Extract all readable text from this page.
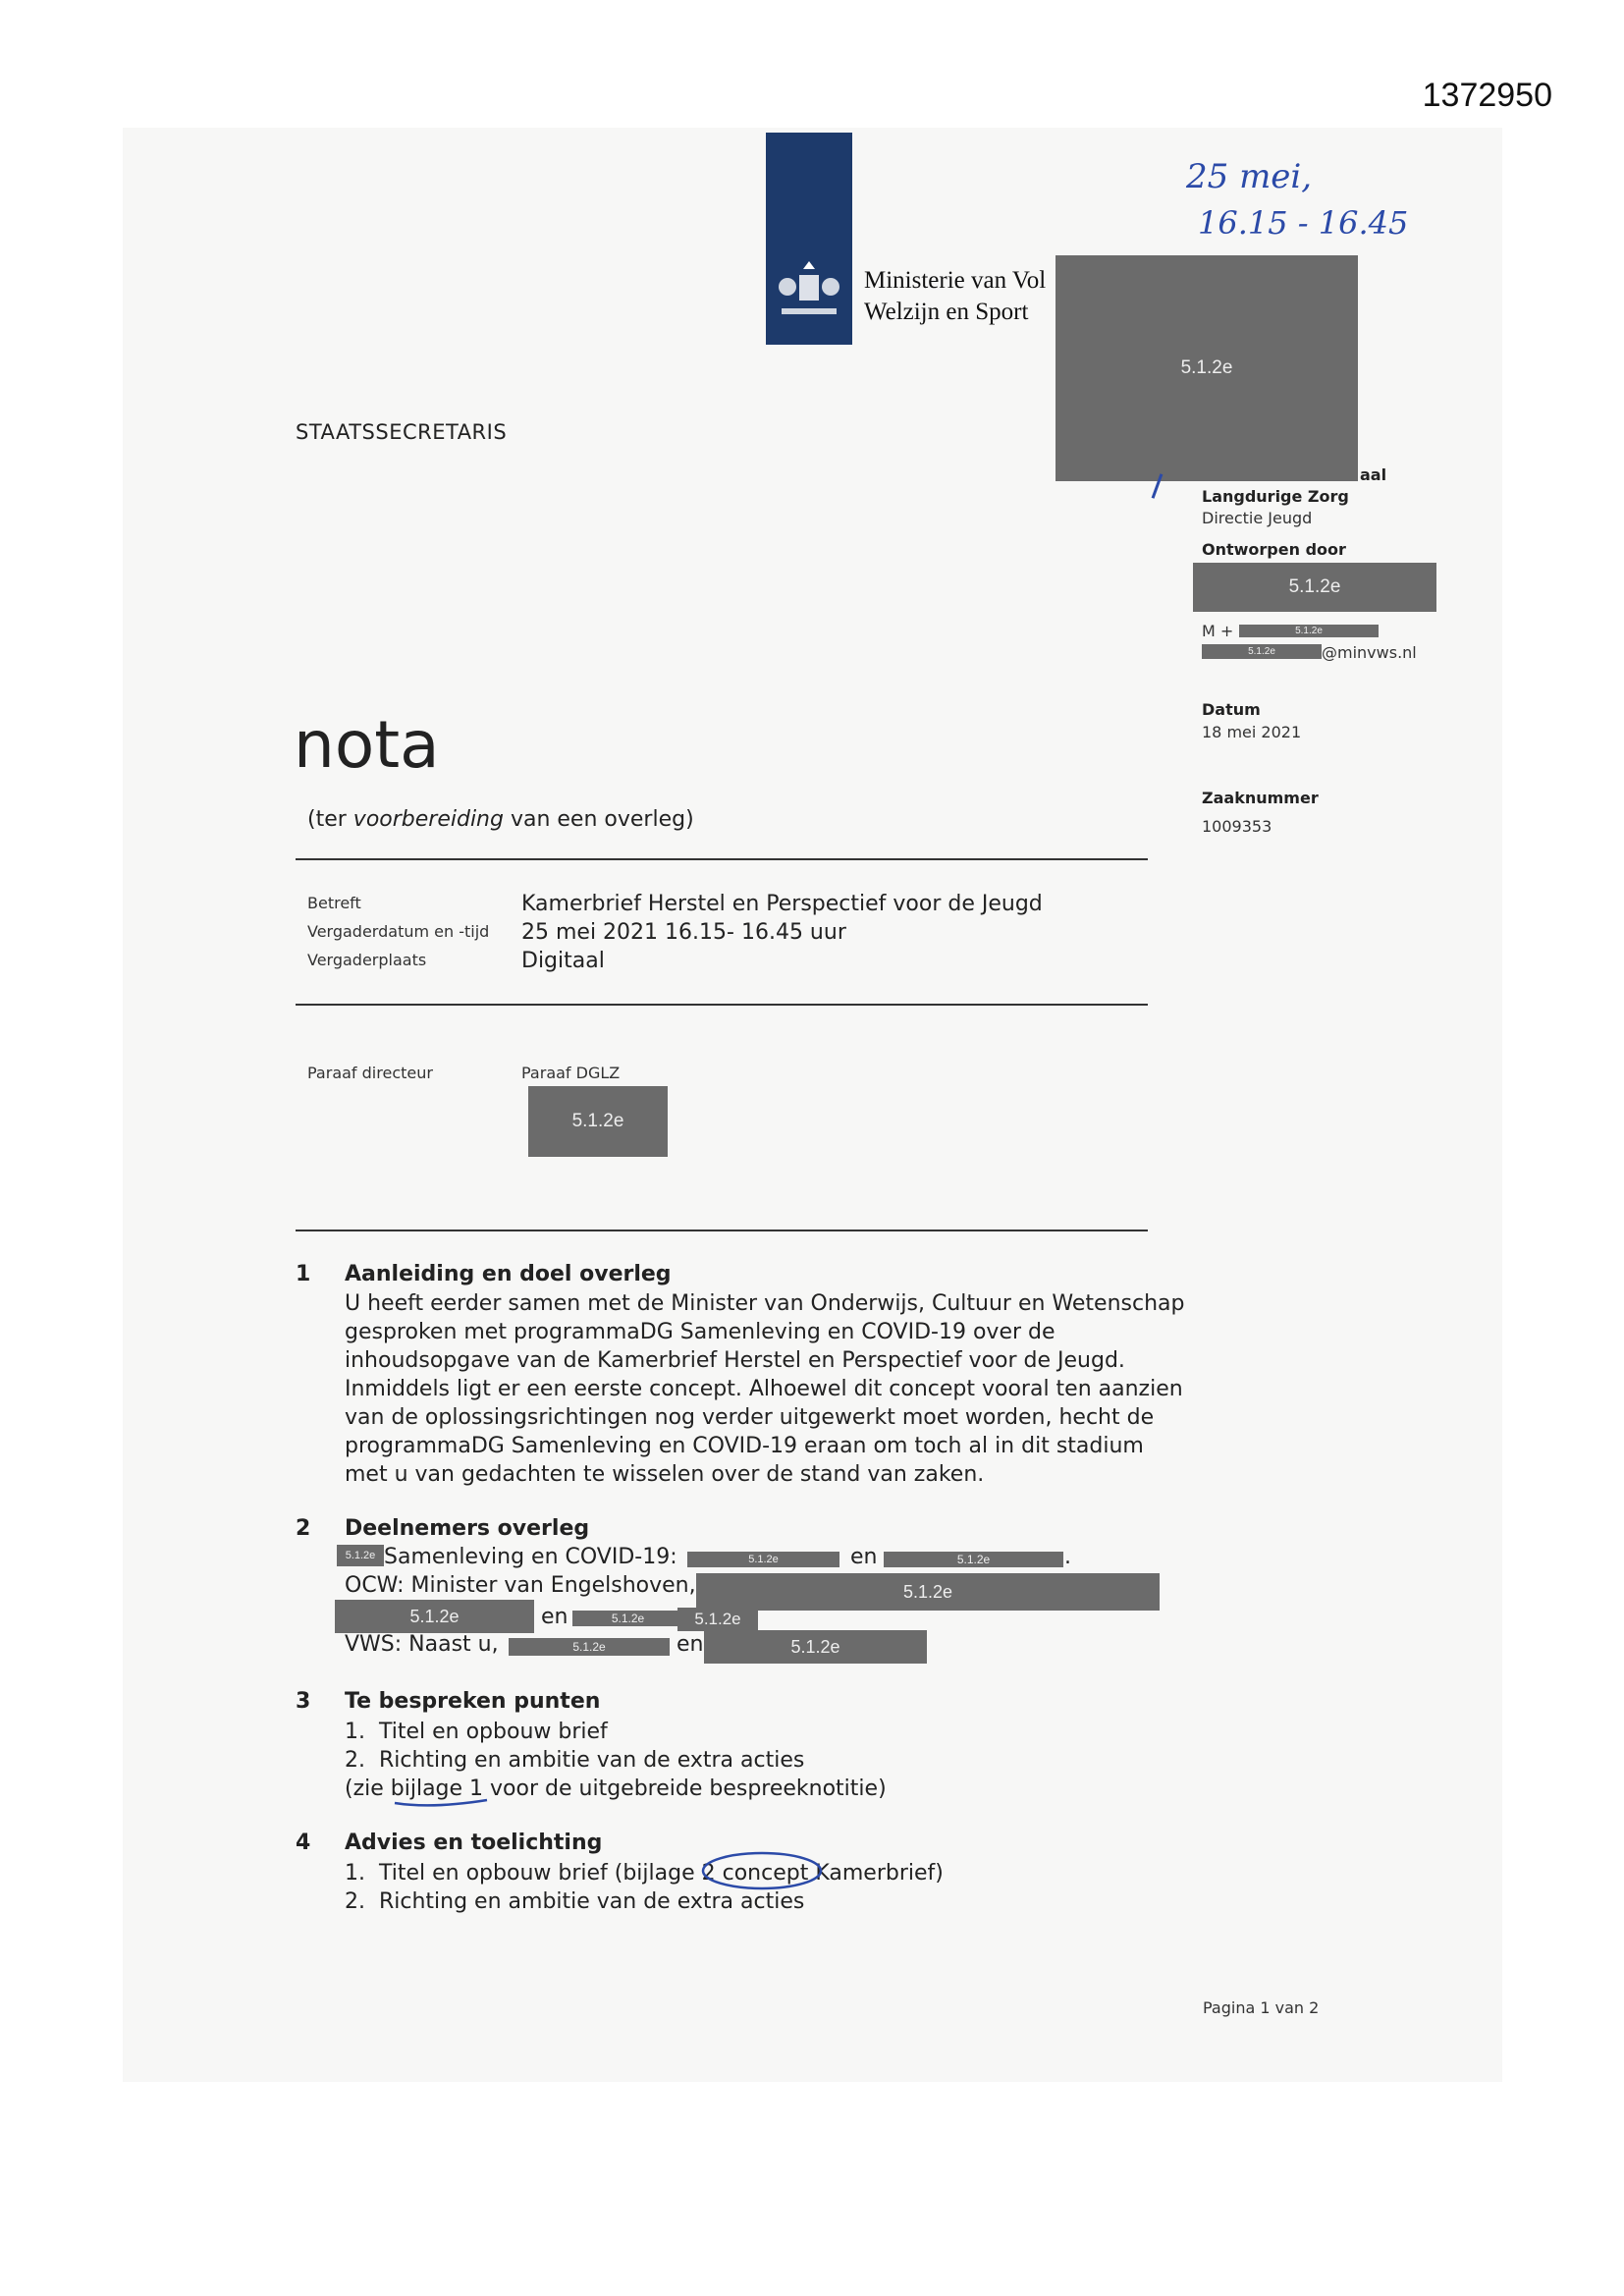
1372950
Ministerie van Vol
Welzijn en Sport
25 mei,
16.15 - 16.45
5.1.2e
STAATSSECRETARIS
aal
Langdurige Zorg
Directie Jeugd
Ontworpen door
5.1.2e
M +	5.1.2e
5.1.2e	@minvws.nl
Datum
18 mei 2021
Zaaknummer
1009353
nota
(ter voorbereiding van een overleg)
Betreft	Kamerbrief Herstel en Perspectief voor de Jeugd
Vergaderdatum en -tijd 25 mei 2021 16.15- 16.45 uur
Vergaderplaats	Digitaal
Paraaf directeur	Paraaf DGLZ
5.1.2e
1 Aanleiding en doel overleg
U heeft eerder samen met de Minister van Onderwijs, Cultuur en Wetenschap
gesproken met programmaDG Samenleving en COVID-19 over de
inhoudsopgave van de Kamerbrief Herstel en Perspectief voor de Jeugd.
Inmiddels ligt er een eerste concept. Alhoewel dit concept vooral ten aanzien
van de oplossingsrichtingen nog verder uitgewerkt moet worden, hecht de
programmaDG Samenleving en COVID-19 eraan om toch al in dit stadium
met u van gedachten te wisselen over de stand van zaken.
2 Deelnemers overleg
5.1.2e Samenleving en COVID-19:	5.1.2e	en	5.1.2e	.
OCW: Minister van Engelshoven,	5.1.2e
5.1.2e	en	5.1.2e	5.1.2e
VWS: Naast u,	5.1.2e	en	5.1.2e
3 Te bespreken punten
1.  Titel en opbouw brief
2.  Richting en ambitie van de extra acties
(zie bijlage 1 voor de uitgebreide bespreeknotitie)
4 Advies en toelichting
1.  Titel en opbouw brief (bijlage 2 concept Kamerbrief)
2.  Richting en ambitie van de extra acties
Pagina 1 van 2
